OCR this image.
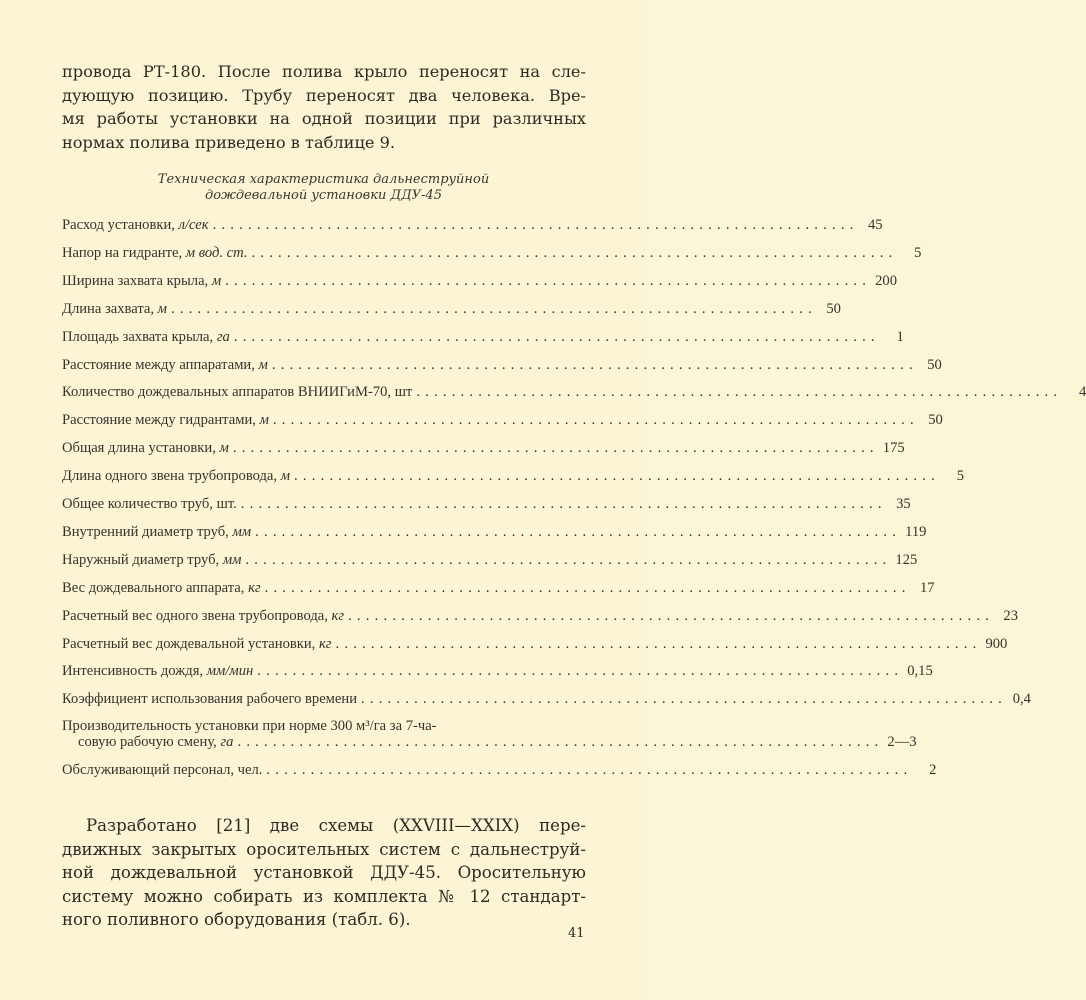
провода РТ-180. После полива крыло переносят на сле-
дующую позицию. Трубу переносят два человека. Вре-
мя работы установки на одной позиции при различных
нормах полива приведено в таблице 9.
Техническая характеристика дальнеструйной
дождевальной установки ДДУ-45
Расход установки, л/сек ......................................................................... 45
Напор на гидранте, м вод. ст. .........................................................................	5
Ширина захвата крыла, м ......................................................................... 200
Длина захвата, м ......................................................................... 50
Площадь захвата крыла, га .........................................................................	1
Расстояние между аппаратами, м ......................................................................... 50
Количество дождевальных аппаратов ВНИИГиМ-70, шт .........................................................................	4
Расстояние между гидрантами, м ......................................................................... 50
Общая длина установки, м ......................................................................... 175
Длина одного звена трубопровода, м .........................................................................	5
Общее количество труб, шт. ......................................................................... 35
Внутренний диаметр труб, мм ......................................................................... 119
Наружный диаметр труб, мм ......................................................................... 125
Вес дождевального аппарата, кг ......................................................................... 17
Расчетный вес одного звена трубопровода, кг ......................................................................... 23
Расчетный вес дождевальной установки, кг ......................................................................... 900
Интенсивность дождя, мм/мин ......................................................................... 0,15
Коэффициент использования рабочего времени ......................................................................... 0,4
Производительность установки при норме 300 м³/га за 7-ча-
совую рабочую смену, га ......................................................................... 2—3
Обслуживающий персонал, чел. .........................................................................	2
Разработано [21] две схемы (XXVIII—XXIX) пере-
движных закрытых оросительных систем с дальнеструй-
ной дождевальной установкой ДДУ-45. Оросительную
систему можно собирать из комплекта № 12 стандарт-
ного поливного оборудования (табл. 6).
41
